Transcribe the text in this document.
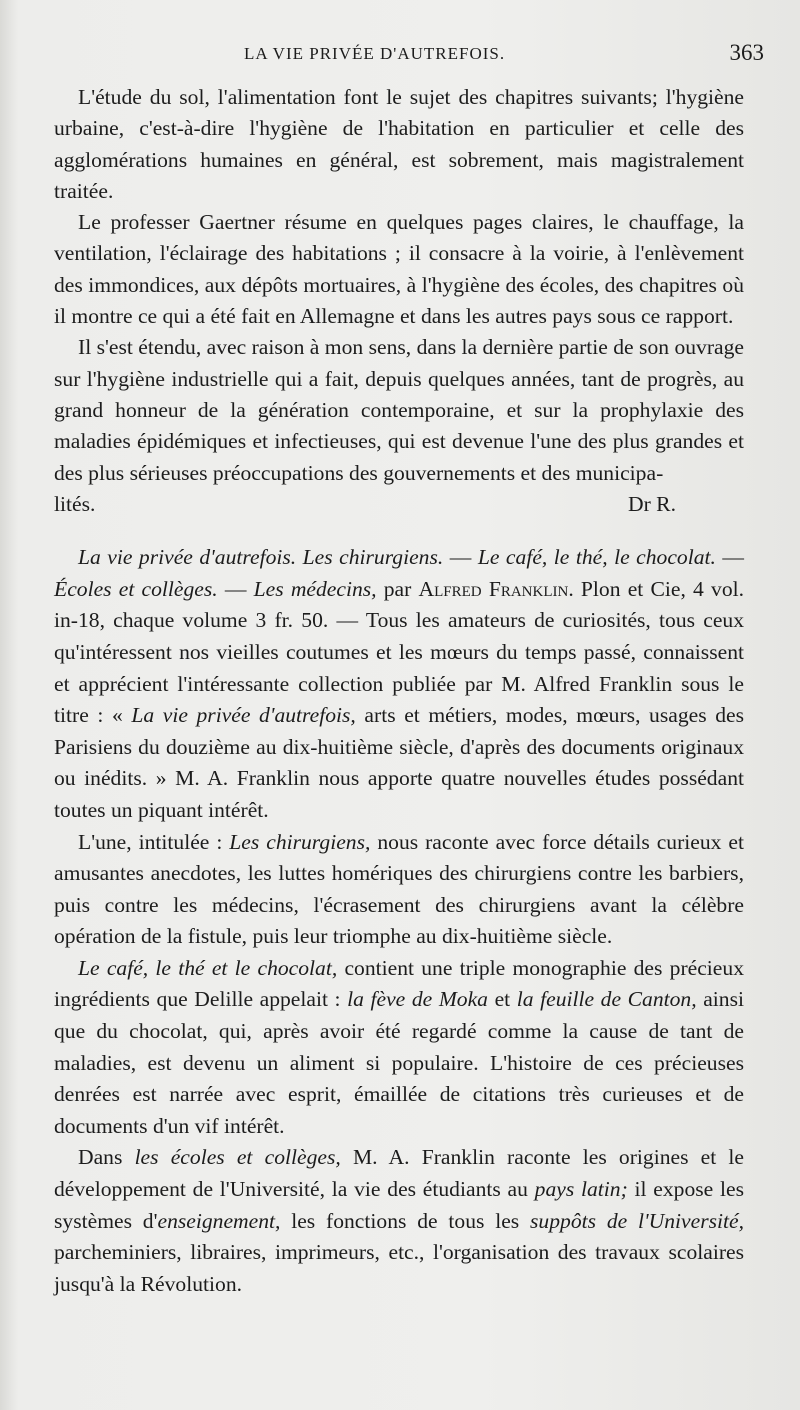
LA VIE PRIVÉE D'AUTREFOIS.	363

L'étude du sol, l'alimentation font le sujet des chapitres suivants; l'hygiène urbaine, c'est-à-dire l'hygiène de l'habitation en particulier et celle des agglomérations humaines en général, est sobrement, mais magistralement traitée.

Le professer Gaertner résume en quelques pages claires, le chauffage, la ventilation, l'éclairage des habitations ; il consacre à la voirie, à l'enlèvement des immondices, aux dépôts mortuaires, à l'hygiène des écoles, des chapitres où il montre ce qui a été fait en Allemagne et dans les autres pays sous ce rapport.

Il s'est étendu, avec raison à mon sens, dans la dernière partie de son ouvrage sur l'hygiène industrielle qui a fait, depuis quelques années, tant de progrès, au grand honneur de la génération contemporaine, et sur la prophylaxie des maladies épidémiques et infectieuses, qui est devenue l'une des plus grandes et des plus sérieuses préoccupations des gouvernements et des municipa-

lités.	Dr R.

La vie privée d'autrefois. Les chirurgiens. — Le café, le thé, le chocolat. — Écoles et collèges. — Les médecins, par Alfred Franklin. Plon et Cie, 4 vol. in-18, chaque volume 3 fr. 50. — Tous les amateurs de curiosités, tous ceux qu'intéressent nos vieilles coutumes et les mœurs du temps passé, connaissent et apprécient l'intéressante collection publiée par M. Alfred Franklin sous le titre : « La vie privée d'autrefois, arts et métiers, modes, mœurs, usages des Parisiens du douzième au dix-huitième siècle, d'après des documents originaux ou inédits. » M. A. Franklin nous apporte quatre nouvelles études possédant toutes un piquant intérêt.

L'une, intitulée : Les chirurgiens, nous raconte avec force détails curieux et amusantes anecdotes, les luttes homériques des chirurgiens contre les barbiers, puis contre les médecins, l'écrasement des chirurgiens avant la célèbre opération de la fistule, puis leur triomphe au dix-huitième siècle.

Le café, le thé et le chocolat, contient une triple monographie des précieux ingrédients que Delille appelait : la fève de Moka et la feuille de Canton, ainsi que du chocolat, qui, après avoir été regardé comme la cause de tant de maladies, est devenu un aliment si populaire. L'histoire de ces précieuses denrées est narrée avec esprit, émaillée de citations très curieuses et de documents d'un vif intérêt.

Dans les écoles et collèges, M. A. Franklin raconte les origines et le développement de l'Université, la vie des étudiants au pays latin; il expose les systèmes d'enseignement, les fonctions de tous les suppôts de l'Université, parcheminiers, libraires, imprimeurs, etc., l'organisation des travaux scolaires jusqu'à la Révolution.
